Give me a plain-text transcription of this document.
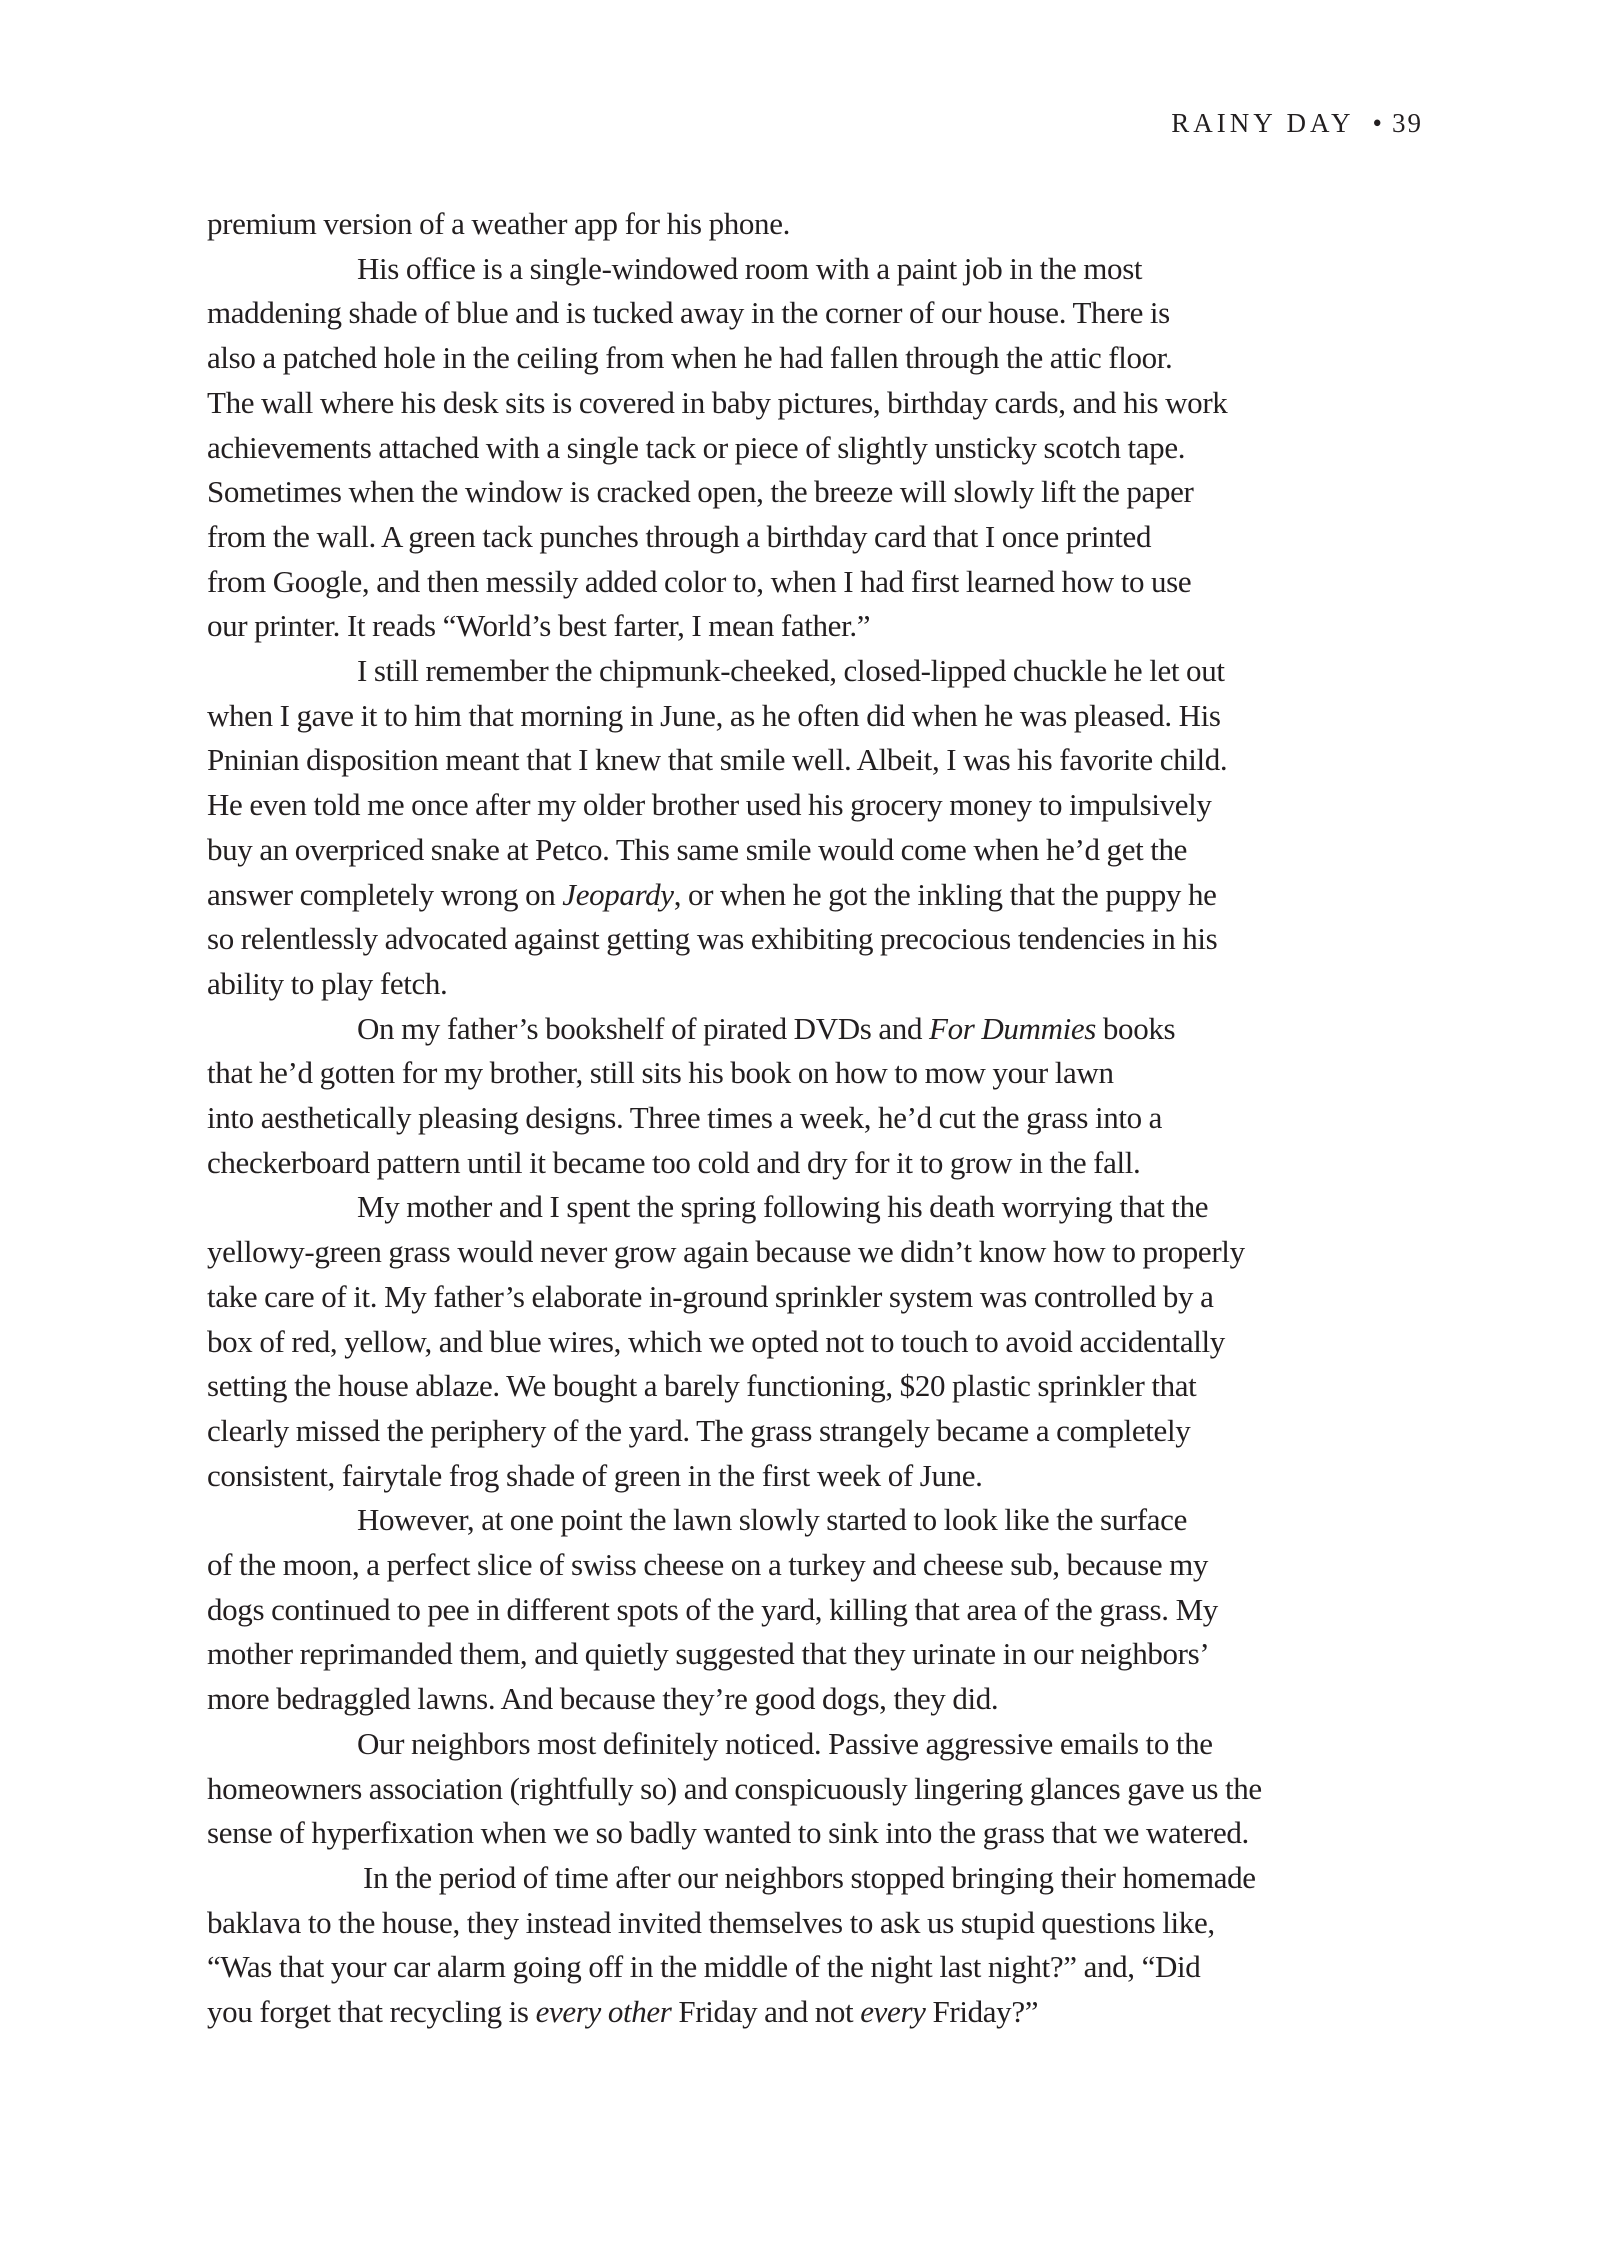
RAINY DAY • 39
premium version of a weather app for his phone.
His office is a single-windowed room with a paint job in the most
maddening shade of blue and is tucked away in the corner of our house. There is
also a patched hole in the ceiling from when he had fallen through the attic floor.
The wall where his desk sits is covered in baby pictures, birthday cards, and his work
achievements attached with a single tack or piece of slightly unsticky scotch tape.
Sometimes when the window is cracked open, the breeze will slowly lift the paper
from the wall. A green tack punches through a birthday card that I once printed
from Google, and then messily added color to, when I had first learned how to use
our printer. It reads “World’s best farter, I mean father.”
I still remember the chipmunk-cheeked, closed-lipped chuckle he let out
when I gave it to him that morning in June, as he often did when he was pleased. His
Pninian disposition meant that I knew that smile well. Albeit, I was his favorite child.
He even told me once after my older brother used his grocery money to impulsively
buy an overpriced snake at Petco. This same smile would come when he’d get the
answer completely wrong on Jeopardy, or when he got the inkling that the puppy he
so relentlessly advocated against getting was exhibiting precocious tendencies in his
ability to play fetch.
On my father’s bookshelf of pirated DVDs and For Dummies books
that he’d gotten for my brother, still sits his book on how to mow your lawn
into aesthetically pleasing designs. Three times a week, he’d cut the grass into a
checkerboard pattern until it became too cold and dry for it to grow in the fall.
My mother and I spent the spring following his death worrying that the
yellowy-green grass would never grow again because we didn’t know how to properly
take care of it. My father’s elaborate in-ground sprinkler system was controlled by a
box of red, yellow, and blue wires, which we opted not to touch to avoid accidentally
setting the house ablaze. We bought a barely functioning, $20 plastic sprinkler that
clearly missed the periphery of the yard. The grass strangely became a completely
consistent, fairytale frog shade of green in the first week of June.
However, at one point the lawn slowly started to look like the surface
of the moon, a perfect slice of swiss cheese on a turkey and cheese sub, because my
dogs continued to pee in different spots of the yard, killing that area of the grass. My
mother reprimanded them, and quietly suggested that they urinate in our neighbors’
more bedraggled lawns. And because they’re good dogs, they did.
Our neighbors most definitely noticed. Passive aggressive emails to the
homeowners association (rightfully so) and conspicuously lingering glances gave us the
sense of hyperfixation when we so badly wanted to sink into the grass that we watered.
In the period of time after our neighbors stopped bringing their homemade
baklava to the house, they instead invited themselves to ask us stupid questions like,
“Was that your car alarm going off in the middle of the night last night?” and, “Did
you forget that recycling is every other Friday and not every Friday?”
